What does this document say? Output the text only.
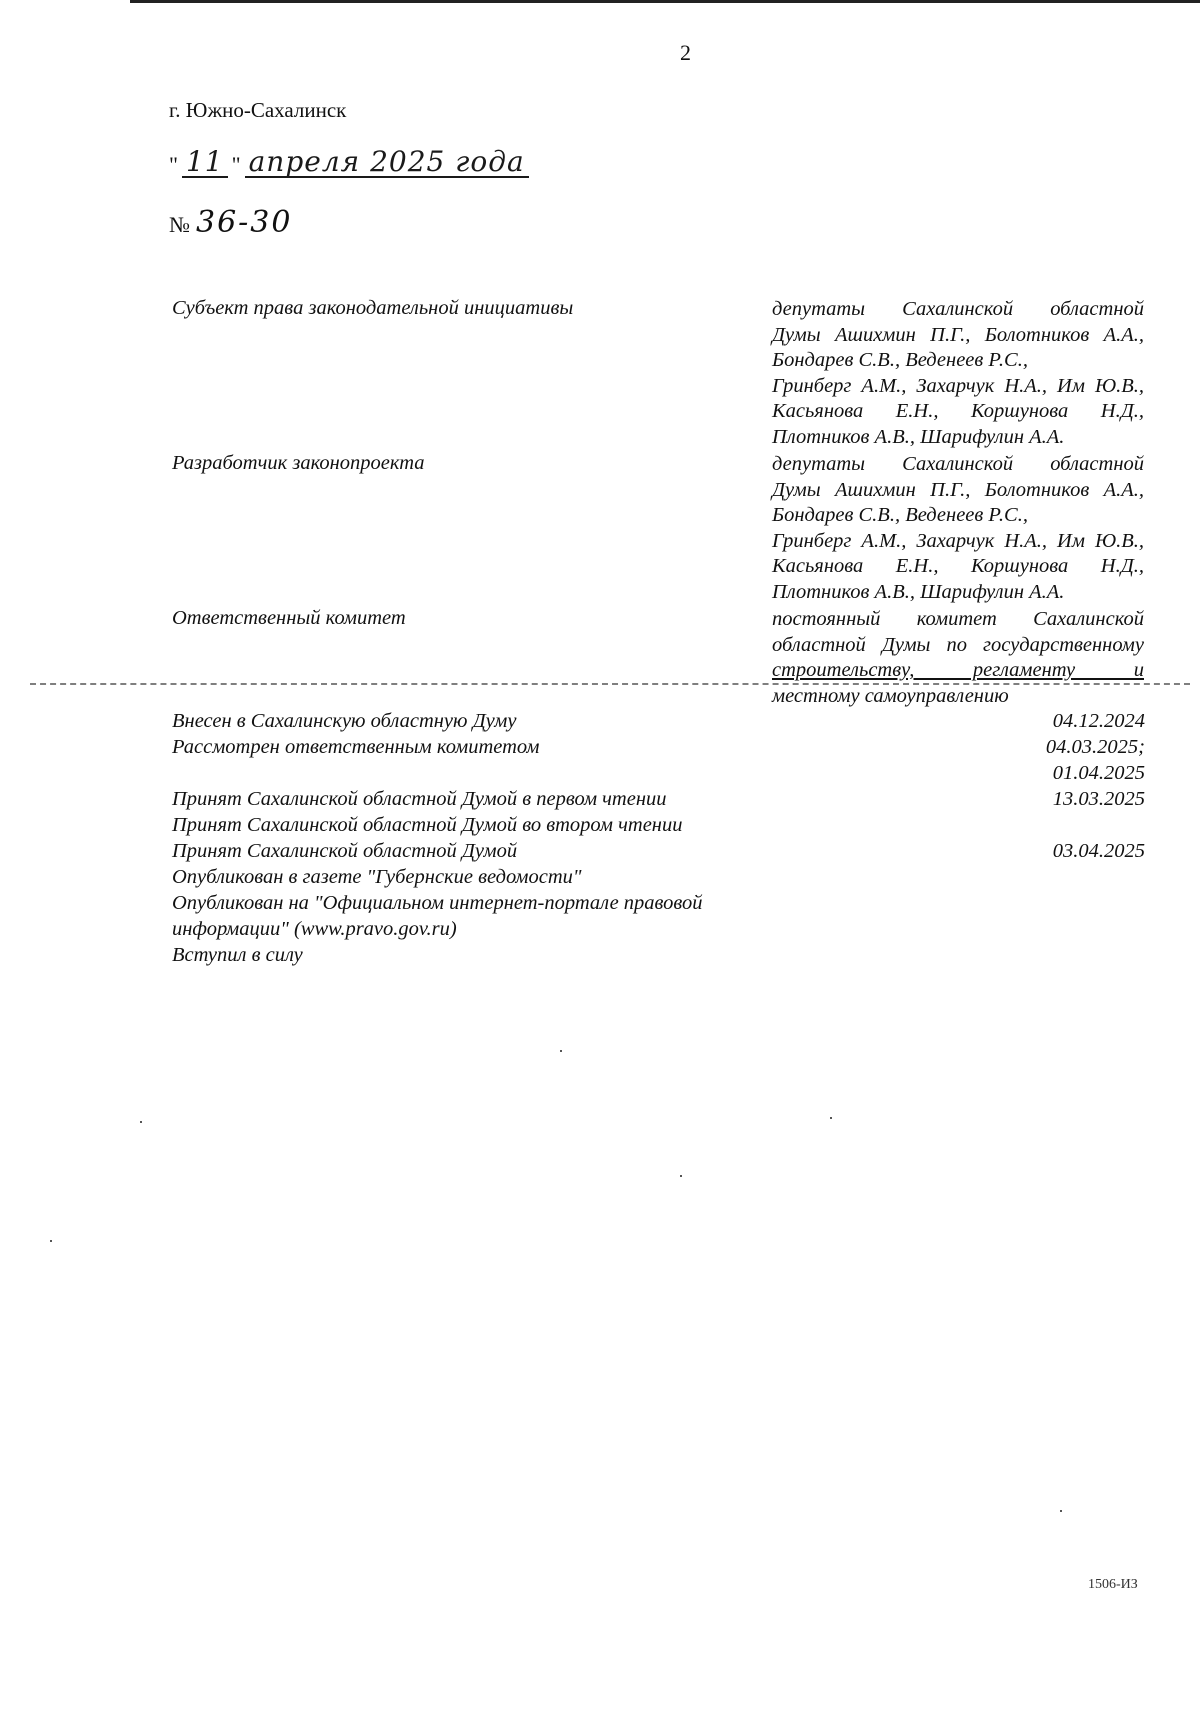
2
г. Южно-Сахалинск
" 11 " апреля 2025 года
№ 36-30
Субъект права законодательной инициативы	депутаты Сахалинской областной
Думы Ашихмин П.Г., Болотников А.А.,
Бондарев С.В., Веденеев Р.С.,
Гринберг А.М., Захарчук Н.А., Им Ю.В.,
Касьянова Е.Н., Коршунова Н.Д.,
Плотников А.В., Шарифулин А.А.
Разработчик законопроекта	депутаты Сахалинской областной
Думы Ашихмин П.Г., Болотников А.А.,
Бондарев С.В., Веденеев Р.С.,
Гринберг А.М., Захарчук Н.А., Им Ю.В.,
Касьянова Е.Н., Коршунова Н.Д.,
Плотников А.В., Шарифулин А.А.
Ответственный комитет	постоянный комитет Сахалинской
областной Думы по государственному
строительству, регламенту и
местному самоуправлению
Внесен в Сахалинскую областную Думу	04.12.2024
Рассмотрен ответственным комитетом	04.03.2025;
01.04.2025
Принят Сахалинской областной Думой в первом чтении	13.03.2025
Принят Сахалинской областной Думой во втором чтении
Принят Сахалинской областной Думой	03.04.2025
Опубликован в газете "Губернские ведомости"
Опубликован на "Официальном интернет-портале правовой
информации" (www.pravo.gov.ru)
Вступил в силу
1506-ИЗ
